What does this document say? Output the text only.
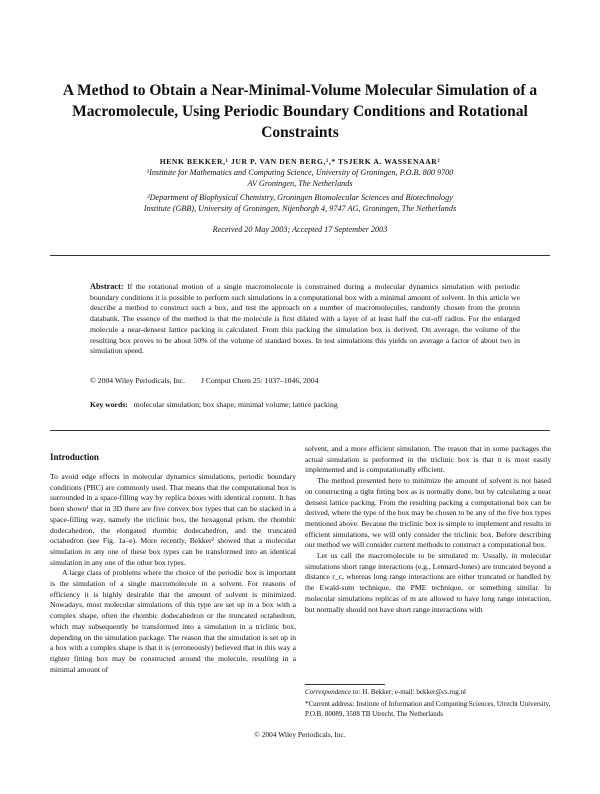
A Method to Obtain a Near-Minimal-Volume Molecular Simulation of a Macromolecule, Using Periodic Boundary Conditions and Rotational Constraints
HENK BEKKER,¹ JUR P. VAN DEN BERG,¹,* TSJERK A. WASSENAAR²
¹Institute for Mathematics and Computing Science, University of Groningen, P.O.B. 800 9700
AV Groningen, The Netherlands
²Department of Biophysical Chemistry, Groningen Biomolecular Sciences and Biotechnology
Institute (GBB), University of Groningen, Nijenborgh 4, 9747 AG, Groningen, The Netherlands
Received 20 May 2003; Accepted 17 September 2003
Abstract: If the rotational motion of a single macromolecule is constrained during a molecular dynamics simulation with periodic boundary conditions it is possible to perform such simulations in a computational box with a minimal amount of solvent. In this article we describe a method to construct such a box, and test the approach on a number of macromolecules, randomly chosen from the protein databank. The essence of the method is that the molecule is first dilated with a layer of at least half the cut-off radius. For the enlarged molecule a near-densest lattice packing is calculated. From this packing the simulation box is derived. On average, the volume of the resulting box proves to be about 50% of the volume of standard boxes. In test simulations this yields on average a factor of about two in simulation speed.
© 2004 Wiley Periodicals, Inc. J Comput Chem 25: 1037–1046, 2004
Key words: molecular simulation; box shape; minimal volume; lattice packing
Introduction

To avoid edge effects in molecular dynamics simulations, periodic boundary conditions (PBC) are commonly used. That means that the computational box is surrounded in a space-filling way by replica boxes with identical content. It has been shown¹ that in 3D there are five convex box types that can be stacked in a space-filling way, namely the triclinic box, the hexagonal prism, the rhombic dodecahedron, the elongated rhombic dodecahedron, and the truncated octahedron (see Fig. 1a–e). More recently, Bekker² showed that a molecular simulation in any one of these box types can be transformed into an identical simulation in any one of the other box types.

A large class of problems where the choice of the periodic box is important is the simulation of a single macromolecule in a solvent. For reasons of efficiency it is highly desirable that the amount of solvent is minimized. Nowadays, most molecular simulations of this type are set up in a box with a complex shape, often the rhombic dodecahedron or the truncated octahedron, which may subsequently be transformed into a simulation in a triclinic box, depending on the simulation package. The reason that the simulation is set up in a box with a complex shape is that it is (erroneously) believed that in this way a tighter fitting box may be constructed around the molecule, resulting in a minimal amount of

solvent, and a more efficient simulation. The reason that in some packages the actual simulation is performed in the triclinic box is that it is most easily implemented and is computationally efficient.

The method presented here to minimize the amount of solvent is not based on constructing a tight fitting box as is normally done, but by calculating a near densest lattice packing. From the resulting packing a computational box can be derived, where the type of the box may be chosen to be any of the five box types mentioned above. Because the triclinic box is simple to implement and results in efficient simulations, we will only consider the triclinic box. Before describing our method we will consider current methods to construct a computational box.

Let us call the macromolecule to be simulated m. Usually, in molecular simulations short range interactions (e.g., Lennard-Jones) are truncated beyond a distance r_c, whereas long range interactions are either truncated or handled by the Ewald-sum technique, the PME technique, or something similar. In molecular simulations replicas of m are allowed to have long range interaction, but normally should not have short range interactions with

Correspondence to: H. Bekker; e-mail: bekker@cs.rug.nl
*Current address: Institute of Information and Computing Sciences, Utrecht University, P.O.B. 80089, 3508 TB Utrecht, The Netherlands
© 2004 Wiley Periodicals, Inc.
